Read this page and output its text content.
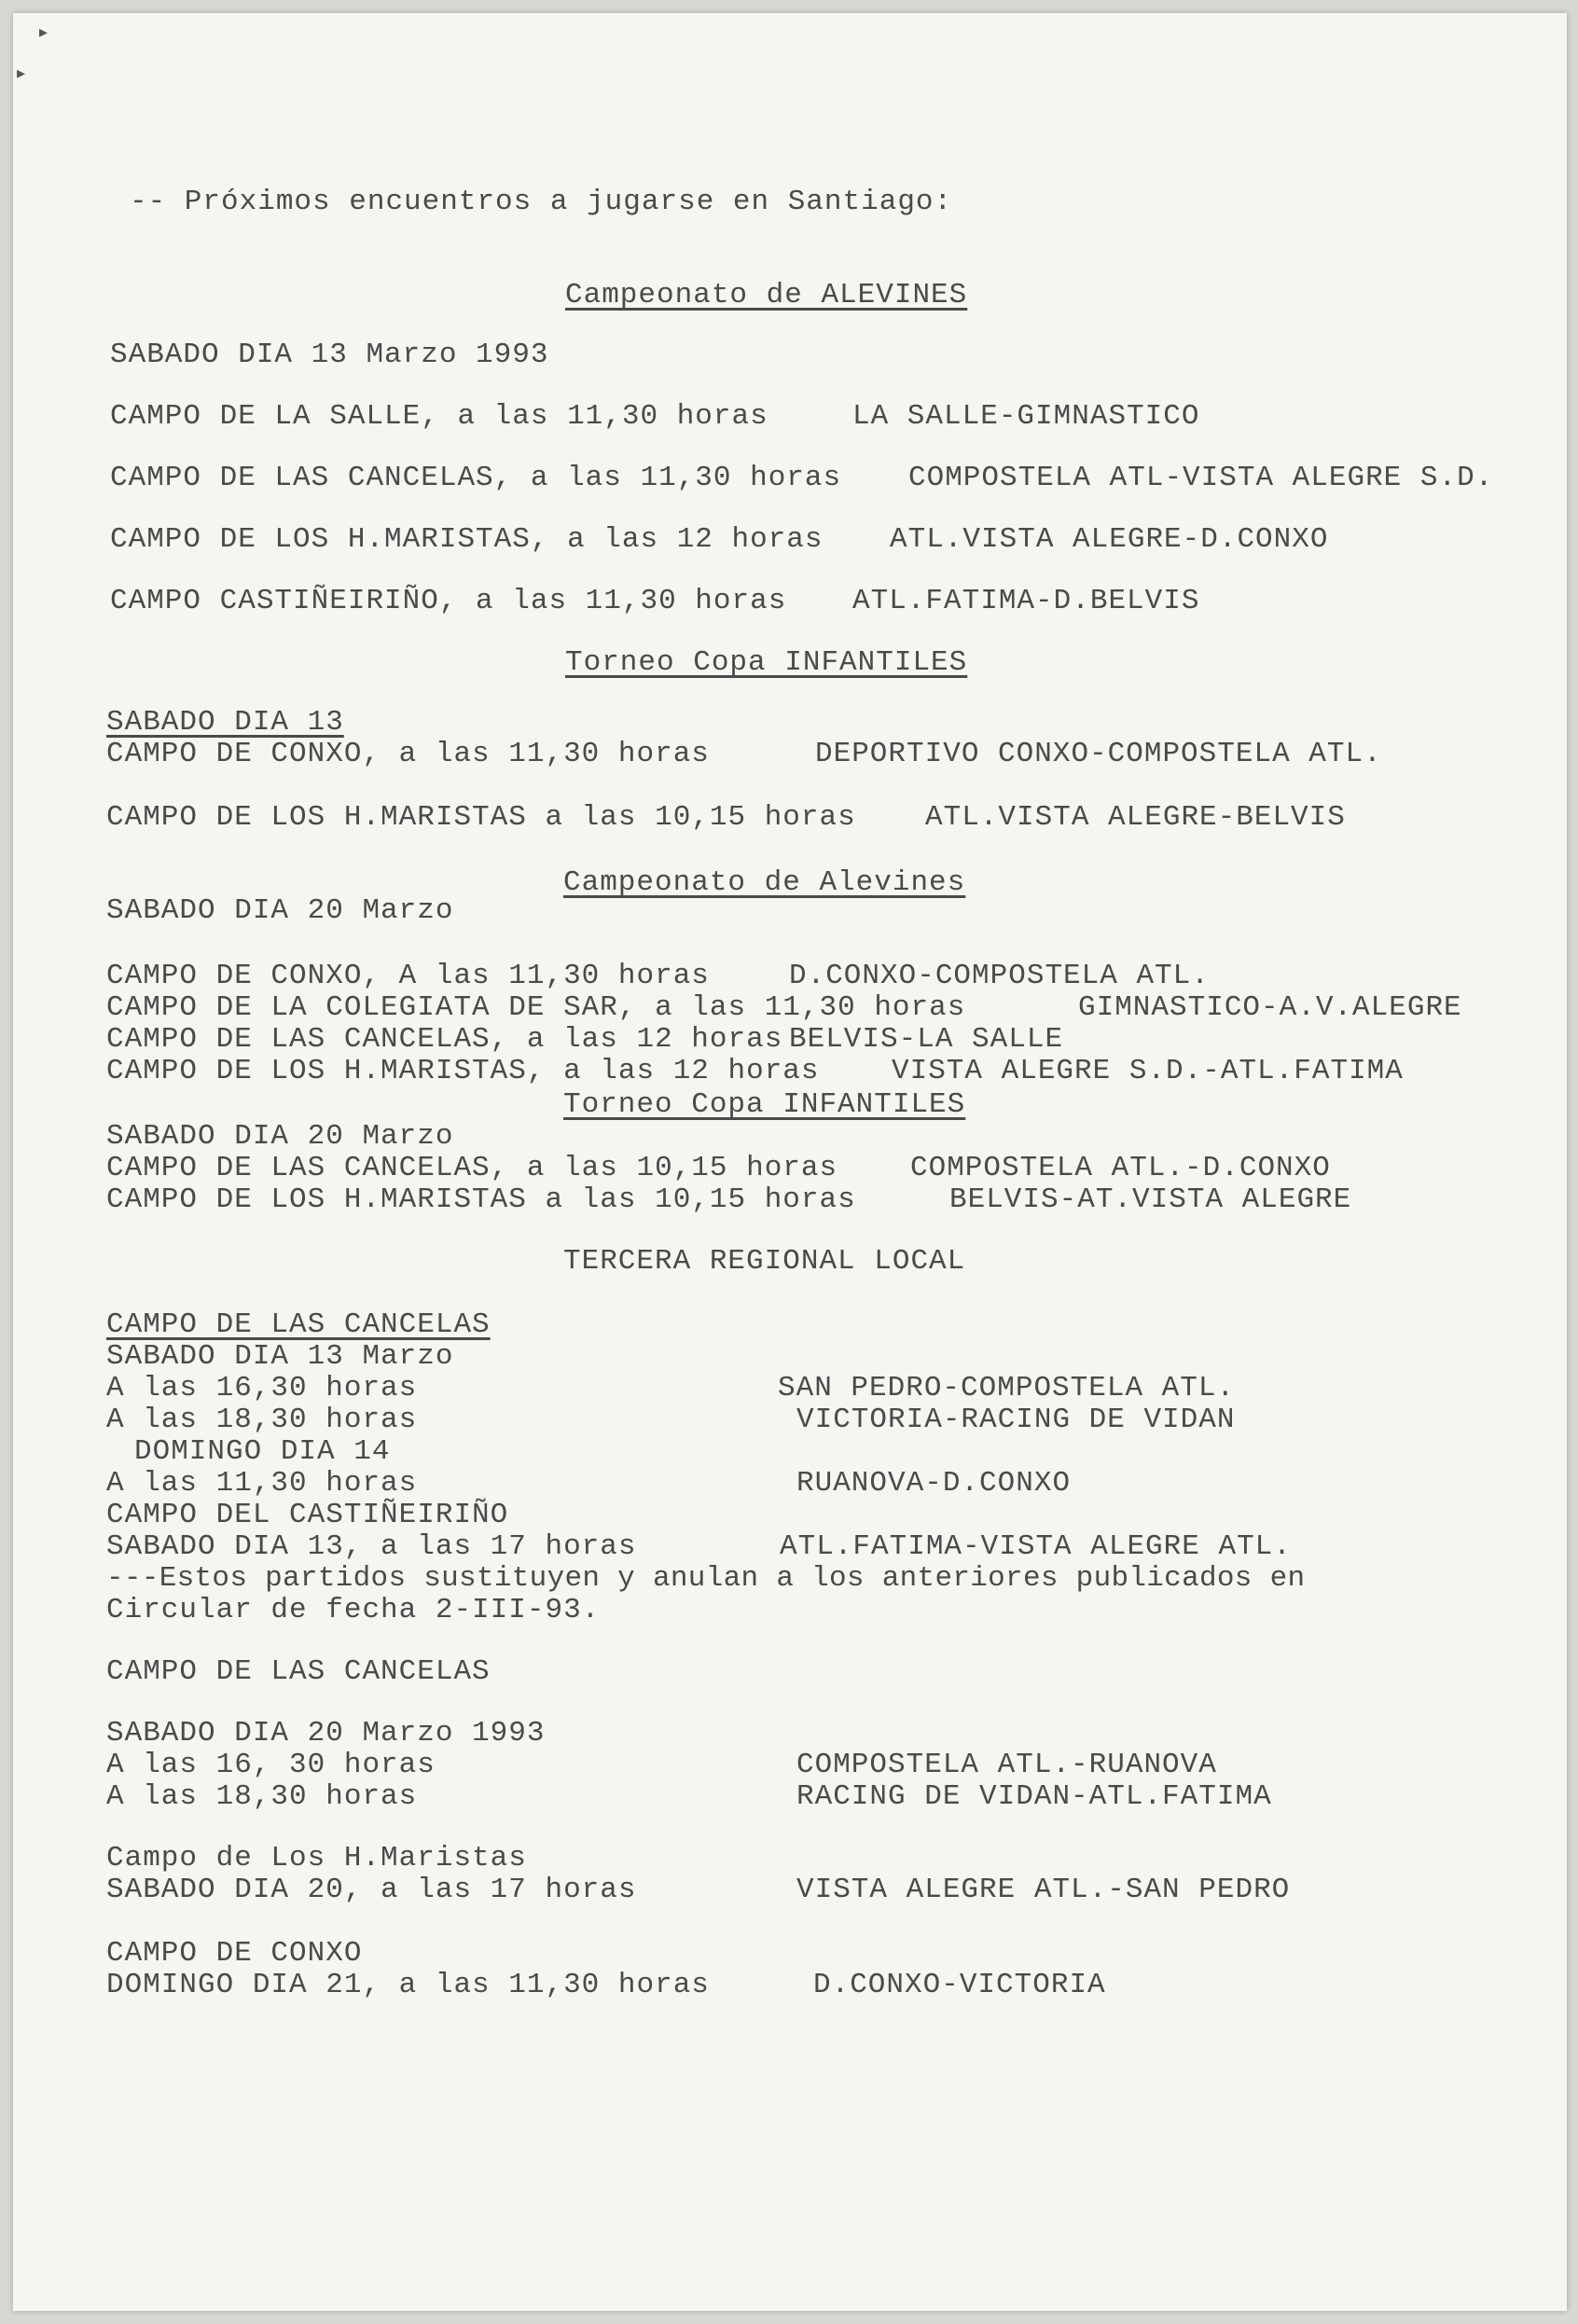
▸
▸
-- Próximos encuentros a jugarse en Santiago:
Campeonato de ALEVINES
SABADO DIA 13 Marzo 1993
CAMPO DE LA SALLE, a las 11,30 horas	LA SALLE-GIMNASTICO
CAMPO DE LAS CANCELAS, a las 11,30 horas COMPOSTELA ATL-VISTA ALEGRE S.D.
CAMPO DE LOS H.MARISTAS, a las 12 horas ATL.VISTA ALEGRE-D.CONXO
CAMPO CASTIÑEIRIÑO, a las 11,30 horas ATL.FATIMA-D.BELVIS
Torneo Copa INFANTILES
SABADO DIA 13
CAMPO DE CONXO, a las 11,30 horas	DEPORTIVO CONXO-COMPOSTELA ATL.
CAMPO DE LOS H.MARISTAS a las 10,15 horas ATL.VISTA ALEGRE-BELVIS
Campeonato de Alevines
SABADO DIA 20 Marzo
CAMPO DE CONXO, A las 11,30 horas	D.CONXO-COMPOSTELA ATL.
CAMPO DE LA COLEGIATA DE SAR, a las 11,30 horas	GIMNASTICO-A.V.ALEGRE
CAMPO DE LAS CANCELAS, a las 12 horas BELVIS-LA SALLE
CAMPO DE LOS H.MARISTAS, a las 12 horas VISTA ALEGRE S.D.-ATL.FATIMA
Torneo Copa INFANTILES
SABADO DIA 20 Marzo
CAMPO DE LAS CANCELAS, a las 10,15 horas	COMPOSTELA ATL.-D.CONXO
CAMPO DE LOS H.MARISTAS a las 10,15 horas	BELVIS-AT.VISTA ALEGRE
TERCERA REGIONAL LOCAL
CAMPO DE LAS CANCELAS
SABADO DIA 13 Marzo
A las 16,30 horas	SAN PEDRO-COMPOSTELA ATL.
A las 18,30 horas	VICTORIA-RACING DE VIDAN
DOMINGO DIA 14
A las 11,30 horas	RUANOVA-D.CONXO
CAMPO DEL CASTIÑEIRIÑO
SABADO DIA 13, a las 17 horas	ATL.FATIMA-VISTA ALEGRE ATL.
---Estos partidos sustituyen y anulan a los anteriores publicados en
Circular de fecha 2-III-93.
CAMPO DE LAS CANCELAS
SABADO DIA 20 Marzo 1993
A las 16, 30 horas	COMPOSTELA ATL.-RUANOVA
A las 18,30 horas	RACING DE VIDAN-ATL.FATIMA
Campo de Los H.Maristas
SABADO DIA 20, a las 17 horas	VISTA ALEGRE ATL.-SAN PEDRO
CAMPO DE CONXO
DOMINGO DIA 21, a las 11,30 horas	D.CONXO-VICTORIA
